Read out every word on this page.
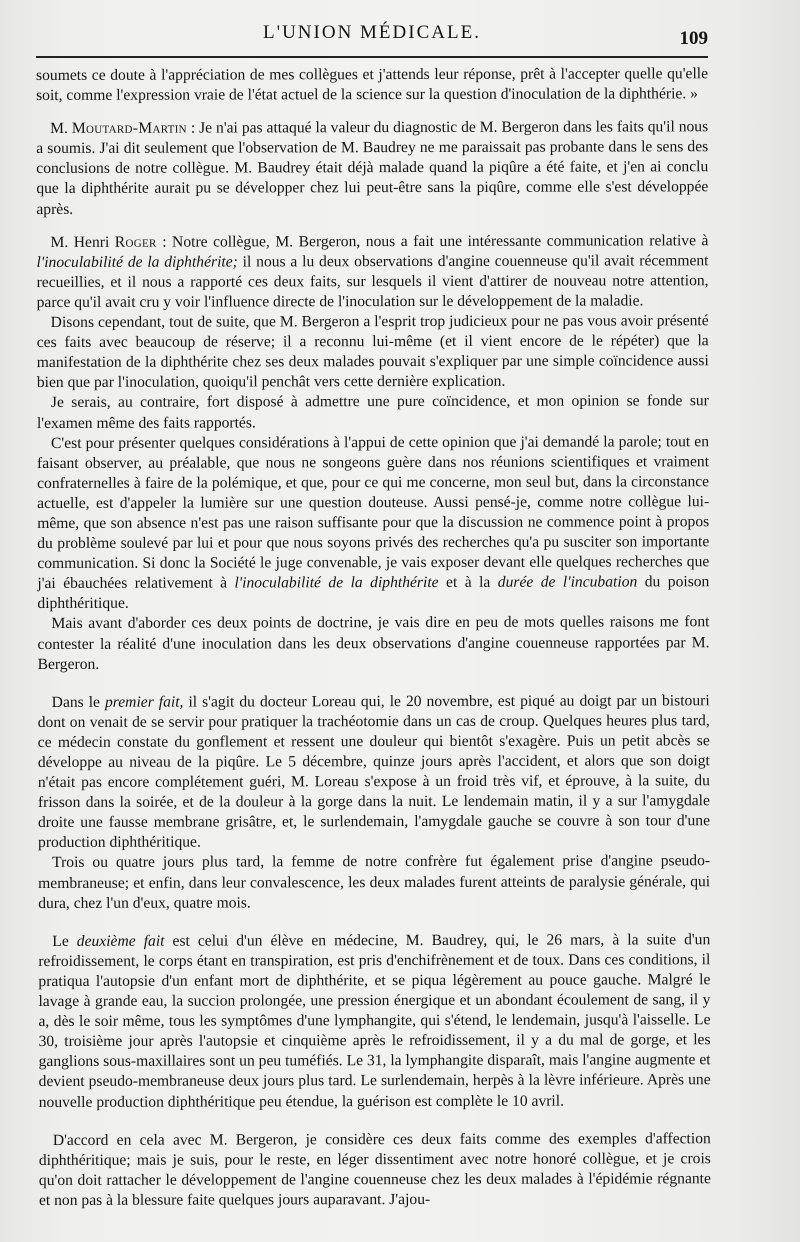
L'UNION MÉDICALE.	109

soumets ce doute à l'appréciation de mes collègues et j'attends leur réponse, prêt à l'accepter quelle qu'elle soit, comme l'expression vraie de l'état actuel de la science sur la question d'inoculation de la diphthérie. »

M. Moutard-Martin : Je n'ai pas attaqué la valeur du diagnostic de M. Bergeron dans les faits qu'il nous a soumis. J'ai dit seulement que l'observation de M. Baudrey ne me paraissait pas probante dans le sens des conclusions de notre collègue. M. Baudrey était déjà malade quand la piqûre a été faite, et j'en ai conclu que la diphthérite aurait pu se développer chez lui peut-être sans la piqûre, comme elle s'est développée après.

M. Henri Roger : Notre collègue, M. Bergeron, nous a fait une intéressante communication relative à l'inoculabilité de la diphthérite; il nous a lu deux observations d'angine couenneuse qu'il avait récemment recueillies, et il nous a rapporté ces deux faits, sur lesquels il vient d'attirer de nouveau notre attention, parce qu'il avait cru y voir l'influence directe de l'inoculation sur le développement de la maladie.

Disons cependant, tout de suite, que M. Bergeron a l'esprit trop judicieux pour ne pas vous avoir présenté ces faits avec beaucoup de réserve; il a reconnu lui-même (et il vient encore de le répéter) que la manifestation de la diphthérite chez ses deux malades pouvait s'expliquer par une simple coïncidence aussi bien que par l'inoculation, quoiqu'il penchât vers cette dernière explication.

Je serais, au contraire, fort disposé à admettre une pure coïncidence, et mon opinion se fonde sur l'examen même des faits rapportés.

C'est pour présenter quelques considérations à l'appui de cette opinion que j'ai demandé la parole; tout en faisant observer, au préalable, que nous ne songeons guère dans nos réunions scientifiques et vraiment confraternelles à faire de la polémique, et que, pour ce qui me concerne, mon seul but, dans la circonstance actuelle, est d'appeler la lumière sur une question douteuse. Aussi pensé-je, comme notre collègue lui-même, que son absence n'est pas une raison suffisante pour que la discussion ne commence point à propos du problème soulevé par lui et pour que nous soyons privés des recherches qu'a pu susciter son importante communication. Si donc la Société le juge convenable, je vais exposer devant elle quelques recherches que j'ai ébauchées relativement à l'inoculabilité de la diphthérite et à la durée de l'incubation du poison diphthéritique.

Mais avant d'aborder ces deux points de doctrine, je vais dire en peu de mots quelles raisons me font contester la réalité d'une inoculation dans les deux observations d'angine couenneuse rapportées par M. Bergeron.

Dans le premier fait, il s'agit du docteur Loreau qui, le 20 novembre, est piqué au doigt par un bistouri dont on venait de se servir pour pratiquer la trachéotomie dans un cas de croup. Quelques heures plus tard, ce médecin constate du gonflement et ressent une douleur qui bientôt s'exagère. Puis un petit abcès se développe au niveau de la piqûre. Le 5 décembre, quinze jours après l'accident, et alors que son doigt n'était pas encore complétement guéri, M. Loreau s'expose à un froid très vif, et éprouve, à la suite, du frisson dans la soirée, et de la douleur à la gorge dans la nuit. Le lendemain matin, il y a sur l'amygdale droite une fausse membrane grisâtre, et, le surlendemain, l'amygdale gauche se couvre à son tour d'une production diphthéritique.

Trois ou quatre jours plus tard, la femme de notre confrère fut également prise d'angine pseudo-membraneuse; et enfin, dans leur convalescence, les deux malades furent atteints de paralysie générale, qui dura, chez l'un d'eux, quatre mois.

Le deuxième fait est celui d'un élève en médecine, M. Baudrey, qui, le 26 mars, à la suite d'un refroidissement, le corps étant en transpiration, est pris d'enchifrènement et de toux. Dans ces conditions, il pratiqua l'autopsie d'un enfant mort de diphthérite, et se piqua légèrement au pouce gauche. Malgré le lavage à grande eau, la succion prolongée, une pression énergique et un abondant écoulement de sang, il y a, dès le soir même, tous les symptômes d'une lymphangite, qui s'étend, le lendemain, jusqu'à l'aisselle. Le 30, troisième jour après l'autopsie et cinquième après le refroidissement, il y a du mal de gorge, et les ganglions sous-maxillaires sont un peu tuméfiés. Le 31, la lymphangite disparaît, mais l'angine augmente et devient pseudo-membraneuse deux jours plus tard. Le surlendemain, herpès à la lèvre inférieure. Après une nouvelle production diphthéritique peu étendue, la guérison est complète le 10 avril.

D'accord en cela avec M. Bergeron, je considère ces deux faits comme des exemples d'affection diphthéritique; mais je suis, pour le reste, en léger dissentiment avec notre honoré collègue, et je crois qu'on doit rattacher le développement de l'angine couenneuse chez les deux malades à l'épidémie régnante et non pas à la blessure faite quelques jours auparavant. J'ajou-
